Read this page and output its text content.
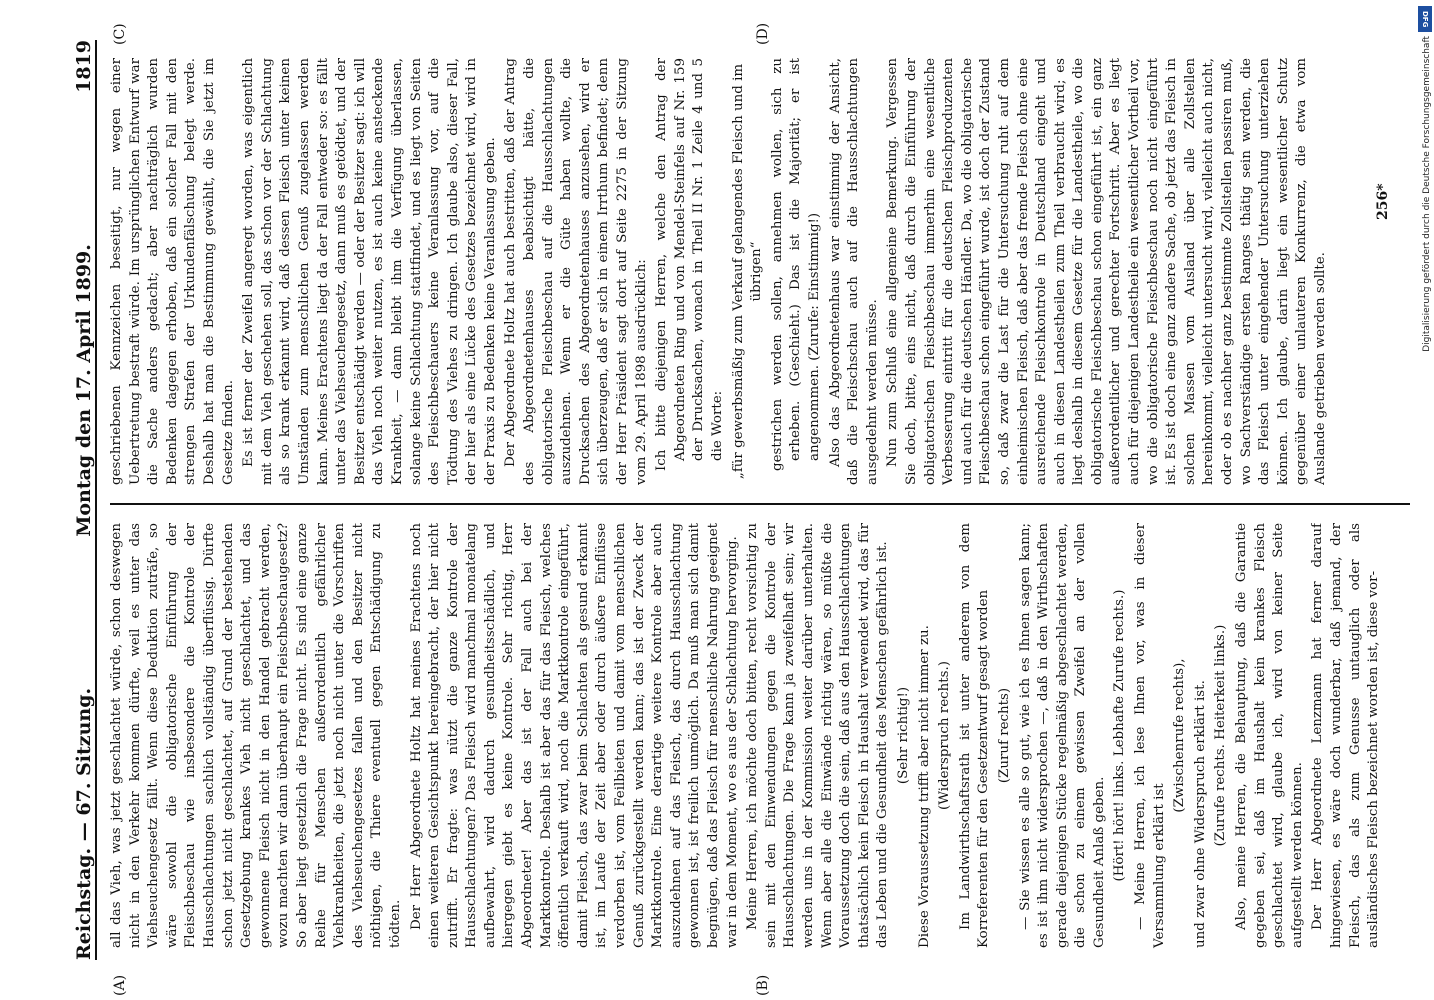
Reichstag. — 67. Sitzung.
Montag den 17. April 1899.
1819
(A)	(B)
(C)	(D)

all das Vieh, was jetzt geschlachtet würde, schon deswegen nicht in den Verkehr kommen dürfte, weil es unter das Viehseuchengesetz fällt. Wenn diese Deduktion zuträfe, so wäre sowohl die obligatorische Einführung der Fleischbeschau wie insbesondere die Kontrole der Hausschlachtungen sachlich vollständig überflüssig. Dürfte schon jetzt nicht geschlachtet, auf Grund der bestehenden Gesetzgebung krankes Vieh nicht geschlachtet, und das gewonnene Fleisch nicht in den Handel gebracht werden, wozu machten wir dann überhaupt ein Fleischbeschaugesetz? So aber liegt gesetzlich die Frage nicht. Es sind eine ganze Reihe für Menschen außerordentlich gefährlicher Viehkrankheiten, die jetzt noch nicht unter die Vorschriften des Viehseuchengesetzes fallen und den Besitzer nicht nöthigen, die Thiere eventuell gegen Entschädigung zu tödten. Der Herr Abgeordnete Holtz hat meines Erachtens noch einen weiteren Gesichtspunkt hereingebracht, der hier nicht zutrifft. Er fragte: was nützt die ganze Kontrole der Hausschlachtungen? Das Fleisch wird manchmal monatelang aufbewahrt, wird dadurch gesundheitsschädlich, und hiergegen giebt es keine Kontrole. Sehr richtig, Herr Abgeordneter! Aber das ist der Fall auch bei der Marktkontrole. Deshalb ist aber das für das Fleisch, welches öffentlich verkauft wird, noch die Marktkontrole eingeführt, damit Fleisch, das zwar beim Schlachten als gesund erkannt ist, im Laufe der Zeit aber oder durch äußere Einflüsse verdorben ist, vom Feilbieten und damit vom menschlichen Genuß zurückgestellt werden kann; das ist der Zweck der Marktkontrole. Eine derartige weitere Kontrole aber auch auszudehnen auf das Fleisch, das durch Hausschlachtung gewonnen ist, ist freilich unmöglich. Da muß man sich damit begnügen, daß das Fleisch für menschliche Nahrung geeignet war in dem Moment, wo es aus der Schlachtung hervorging. Meine Herren, ich möchte doch bitten, recht vorsichtig zu sein mit den Einwendungen gegen die Kontrole der Hausschlachtungen. Die Frage kann ja zweifelhaft sein; wir werden uns in der Kommission weiter darüber unterhalten. Wenn aber alle die Einwände richtig wären, so müßte die Voraussetzung doch die sein, daß aus den Hausschlachtungen thatsächlich kein Fleisch in Haushalt verwendet wird, das für das Leben und die Gesundheit des Menschen gefährlich ist. (Sehr richtig!) Diese Voraussetzung trifft aber nicht immer zu. (Widerspruch rechts.) Im Landwirthschaftsrath ist unter anderem von dem Korreferenten für den Gesetzentwurf gesagt worden (Zuruf rechts) — Sie wissen es alle so gut, wie ich es Ihnen sagen kann; es ist ihm nicht widersprochen —, daß in den Wirthschaften gerade diejenigen Stücke regelmäßig abgeschlachtet werden, die schon zu einem gewissen Zweifel an der vollen Gesundheit Anlaß geben. (Hört! hört! links. Lebhafte Zurufe rechts.) — Meine Herren, ich lese Ihnen vor, was in dieser Versammlung erklärt ist

(Zwischenrufe rechts), und zwar ohne Widerspruch erklärt ist. (Zurufe rechts. Heiterkeit links.) Also, meine Herren, die Behauptung, daß die Garantie gegeben sei, daß im Haushalt kein krankes Fleisch geschlachtet wird, glaube ich, wird von keiner Seite aufgestellt werden können. Der Herr Abgeordnete Lenzmann hat ferner darauf hingewiesen, es wäre doch wunderbar, daß jemand, der Fleisch, das als zum Genusse untauglich oder als ausländisches Fleisch bezeichnet worden ist, diese vor-

geschriebenen Kennzeichen beseitigt, nur wegen einer Uebertretung bestraft würde. Im ursprünglichen Entwurf war die Sache anders gedacht; aber nachträglich wurden Bedenken dagegen erhoben, daß ein solcher Fall mit den strengen Strafen der Urkundenfälschung belegt werde. Deshalb hat man die Bestimmung gewählt, die Sie jetzt im Gesetze finden. Es ist ferner der Zweifel angeregt worden, was eigentlich mit dem Vieh geschehen soll, das schon vor der Schlachtung als so krank erkannt wird, daß dessen Fleisch unter keinen Umständen zum menschlichen Genuß zugelassen werden kann. Meines Erachtens liegt da der Fall entweder so: es fällt unter das Viehseuchengesetz, dann muß es getödtet, und der Besitzer entschädigt werden — oder der Besitzer sagt: ich will das Vieh noch weiter nutzen, es ist auch keine ansteckende Krankheit, — dann bleibt ihm die Verfügung überlassen, solange keine Schlachtung stattfindet, und es liegt von Seiten des Fleischbeschauers keine Veranlassung vor, auf die Tödtung des Viehes zu dringen. Ich glaube also, dieser Fall, der hier als eine Lücke des Gesetzes bezeichnet wird, wird in der Praxis zu Bedenken keine Veranlassung geben. Der Abgeordnete Holtz hat auch bestritten, daß der Antrag des Abgeordnetenhauses beabsichtigt hätte, die obligatorische Fleischbeschau auf die Hausschlachtungen auszudehnen. Wenn er die Güte haben wollte, die Drucksachen des Abgeordnetenhauses anzusehen, wird er sich überzeugen, daß er sich in einem Irrthum befindet; denn der Herr Präsident sagt dort auf Seite 2275 in der Sitzung vom 29. April 1898 ausdrücklich: Ich bitte diejenigen Herren, welche den Antrag der Abgeordneten Ring und von Mendel-Steinfels auf Nr. 159 der Drucksachen, wonach in Theil II Nr. 1 Zeile 4 und 5 die Worte: „für gewerbsmäßig zum Verkauf gelangendes Fleisch und im übrigen“ gestrichen werden sollen, annehmen wollen, sich zu erheben. (Geschieht.) Das ist die Majorität; er ist angenommen. (Zurufe: Einstimmig!) Also das Abgeordnetenhaus war einstimmig der Ansicht, daß die Fleischschau auch auf die Hausschlachtungen ausgedehnt werden müsse. Nun zum Schluß eine allgemeine Bemerkung. Vergessen Sie doch, bitte, eins nicht, daß durch die Einführung der obligatorischen Fleischbeschau immerhin eine wesentliche Verbesserung eintritt für die deutschen Fleischproduzenten und auch für die deutschen Händler. Da, wo die obligatorische Fleischbeschau schon eingeführt wurde, ist doch der Zustand so, daß zwar die Last für die Untersuchung ruht auf dem einheimischen Fleisch, daß aber das fremde Fleisch ohne eine ausreichende Fleischkontrole in Deutschland eingeht und auch in diesen Landestheilen zum Theil verbraucht wird; es liegt deshalb in diesem Gesetze für die Landestheile, wo die obligatorische Fleischbeschau schon eingeführt ist, ein ganz außerordentlicher und gerechter Fortschritt. Aber es liegt auch für diejenigen Landestheile ein wesentlicher Vortheil vor, wo die obligatorische Fleischbeschau noch nicht eingeführt ist. Es ist doch eine ganz andere Sache, ob jetzt das Fleisch in solchen Massen vom Ausland über alle Zollstellen hereinkommt, vielleicht untersucht wird, vielleicht auch nicht, oder ob es nachher ganz bestimmte Zollstellen passiren muß, wo Sachverständige ersten Ranges thätig sein werden, die das Fleisch unter eingehender Untersuchung unterziehen können. Ich glaube, darin liegt ein wesentlicher Schutz gegenüber einer unlauteren Konkurrenz, die etwa vom Auslande getrieben werden sollte.

256*
DFG
Digitalisierung gefördert durch die Deutsche Forschungsgemeinschaft
